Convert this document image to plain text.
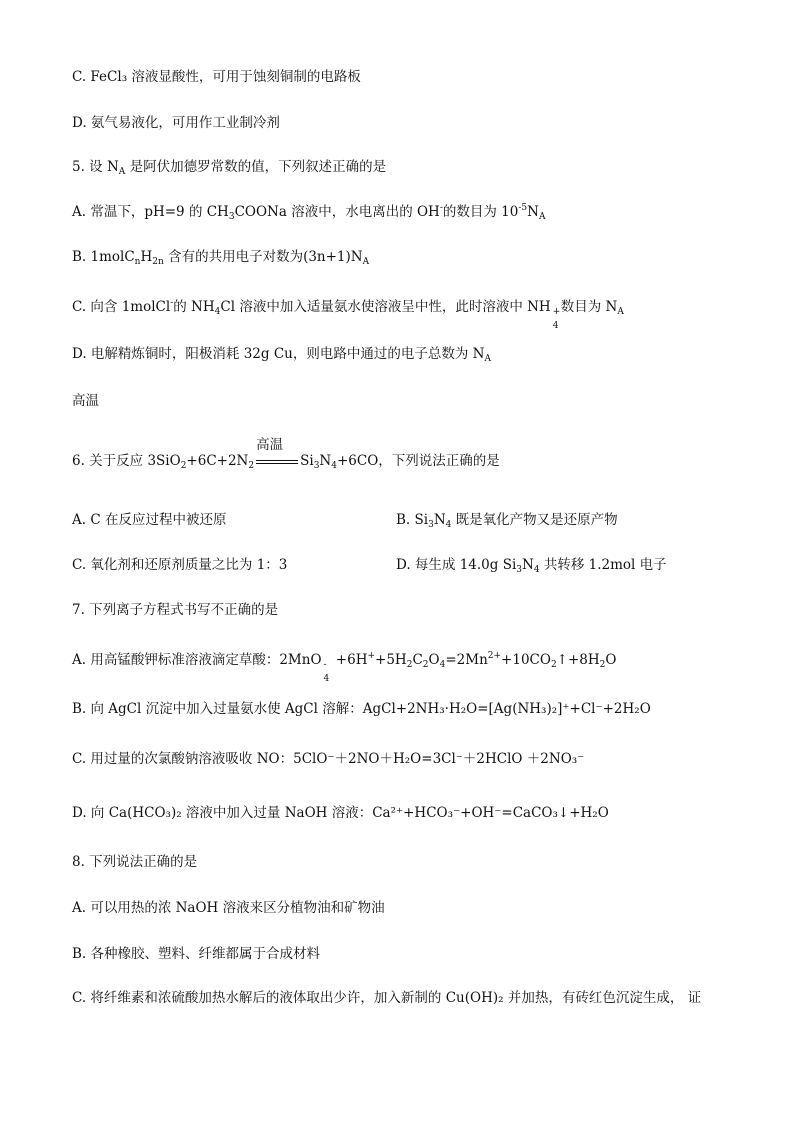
C. FeCl₃ 溶液显酸性，可用于蚀刻铜制的电路板
D. 氨气易液化，可用作工业制冷剂
5. 设 $N_A$ 是阿伏加德罗常数的值，下列叙述正确的是
A. 常温下，pH=9 的 $CH_3COONa$ 溶液中，水电离出的 OH-的数目为 $10^{-5}N_A$
B. $1molC_nH_{2n}$ 含有的共用电子对数为$(3n+1)N_A$
C. 向含 1molCl-的 $NH_4Cl$ 溶液中加入适量氨水使溶液呈中性，此时溶液中 NH +
4
数目为 $N_A$
D. 电解精炼铜时，阳极消耗 32g Cu，则电路中通过的电子总数为 $N_A$
高温
6. 关于反应 $3SiO_2+6C+2N_2$
高温
$Si_3N_4+6CO$，下列说法正确的是
A. C 在反应过程中被还原	B. $Si_3N_4$ 既是氧化产物又是还原产物
C. 氧化剂和还原剂质量之比为 1：3	D. 每生成 14.0g $Si_3N_4$ 共转移 1.2mol 电子
7. 下列离子方程式书写不正确的是
A. 用高锰酸钾标准溶液滴定草酸：2MnO -
4
$+6H^++5H_2C_2O_4=2Mn^{2+}+10CO_2↑+8H_2O$
B. 向 AgCl 沉淀中加入过量氨水使 AgCl 溶解：AgCl+2NH₃·H₂O=[Ag(NH₃)₂]⁺+Cl⁻+2H₂O
C. 用过量的次氯酸钠溶液吸收 NO：5ClO⁻＋2NO＋H₂O=3Cl⁻＋2HClO ＋2NO₃⁻
D. 向 Ca(HCO₃)₂ 溶液中加入过量 NaOH 溶液：Ca²⁺+HCO₃⁻+OH⁻=CaCO₃↓+H₂O
8. 下列说法正确的是
A. 可以用热的浓 NaOH 溶液来区分植物油和矿物油
B. 各种橡胶、塑料、纤维都属于合成材料
C. 将纤维素和浓硫酸加热水解后的液体取出少许，加入新制的 Cu(OH)₂ 并加热，有砖红色沉淀生成， 证
